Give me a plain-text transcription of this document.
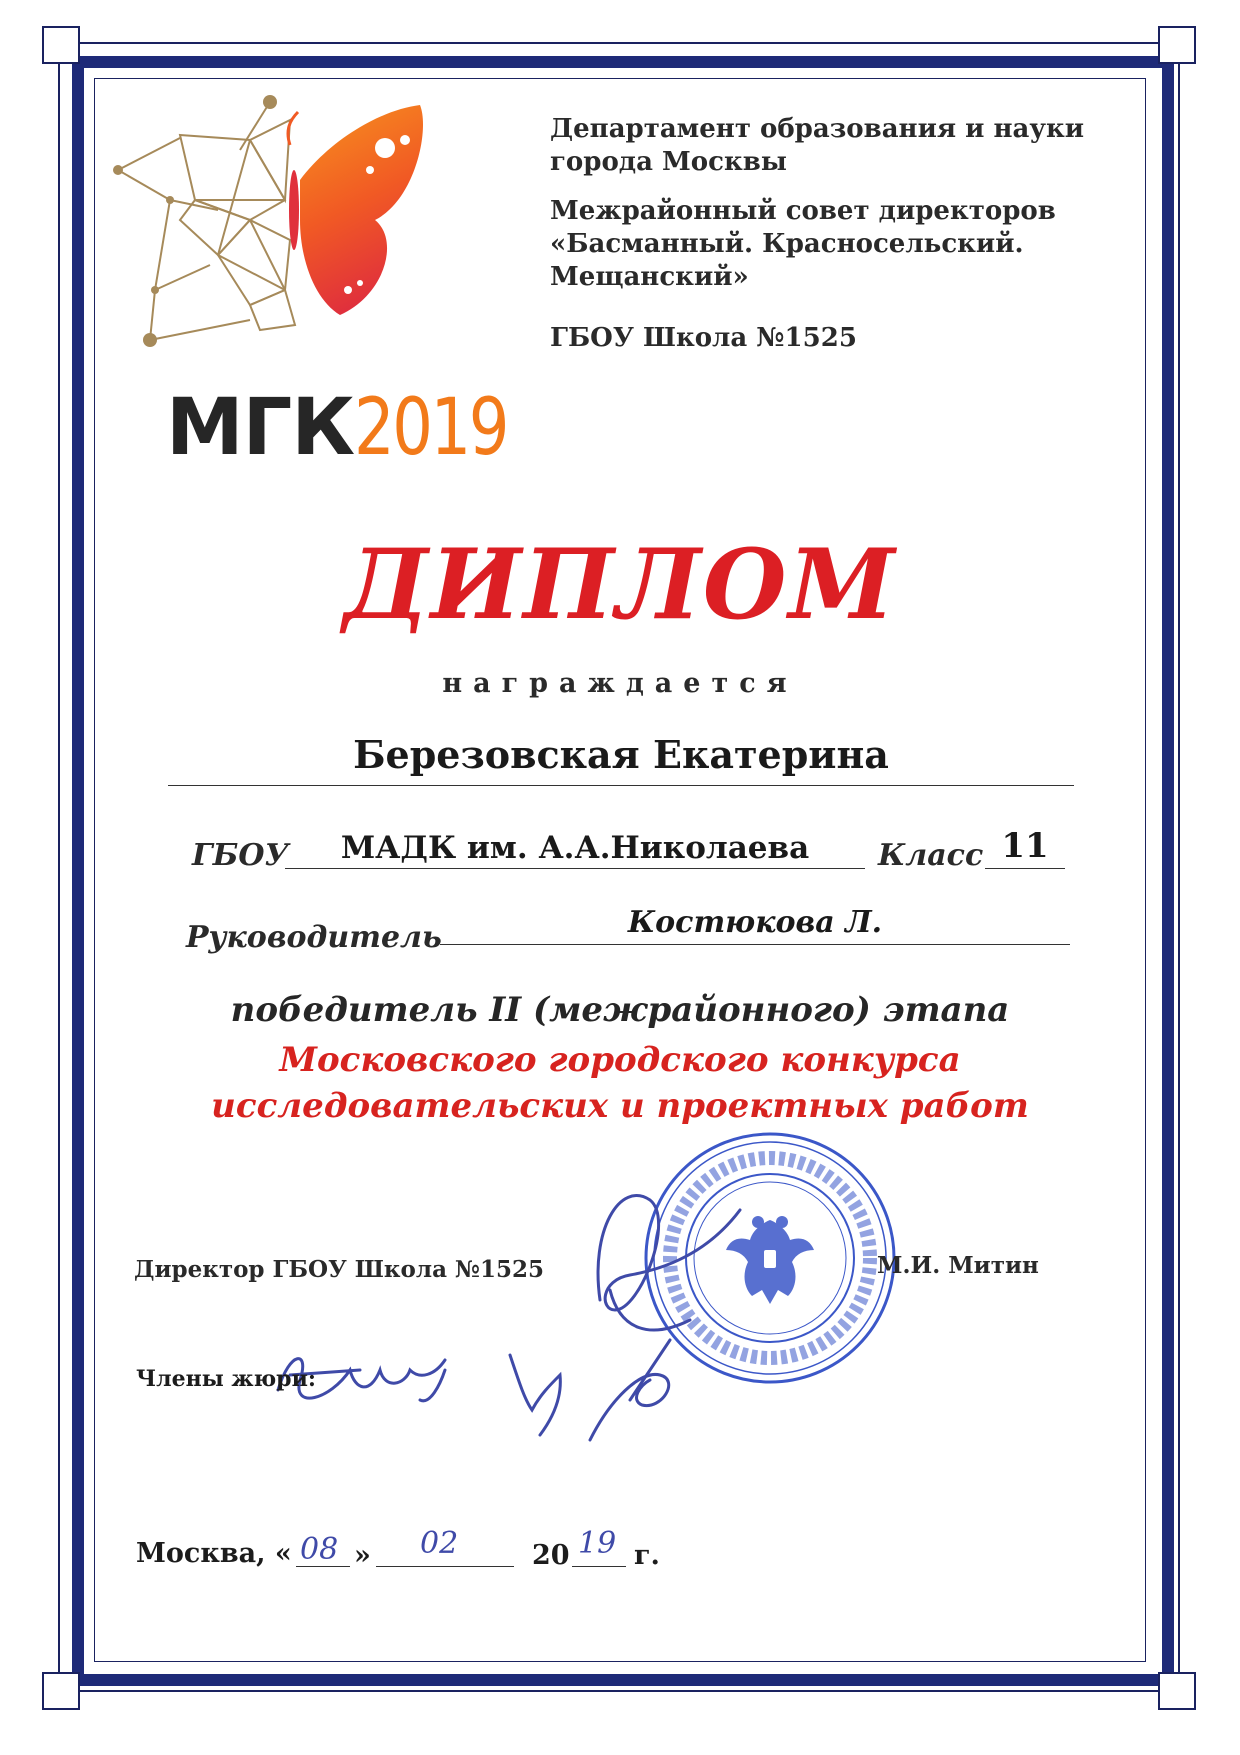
МГК2019
Департамент образования и науки
города Москвы
Межрайонный совет директоров
«Басманный. Красносельский.
Мещанский»
ГБОУ Школа №1525
ДИПЛОМ
награждается
Березовская Екатерина
ГБОУ	МАДК им. А.А.Николаева	Класс 11
Руководитель	Костюкова Л.
победитель II (межрайонного) этапа
Московского городского конкурса
исследовательских и проектных работ
Директор ГБОУ Школа №1525	М.И. Митин
Члены жюри:
Москва, « 08 » 02	20 19 г.
